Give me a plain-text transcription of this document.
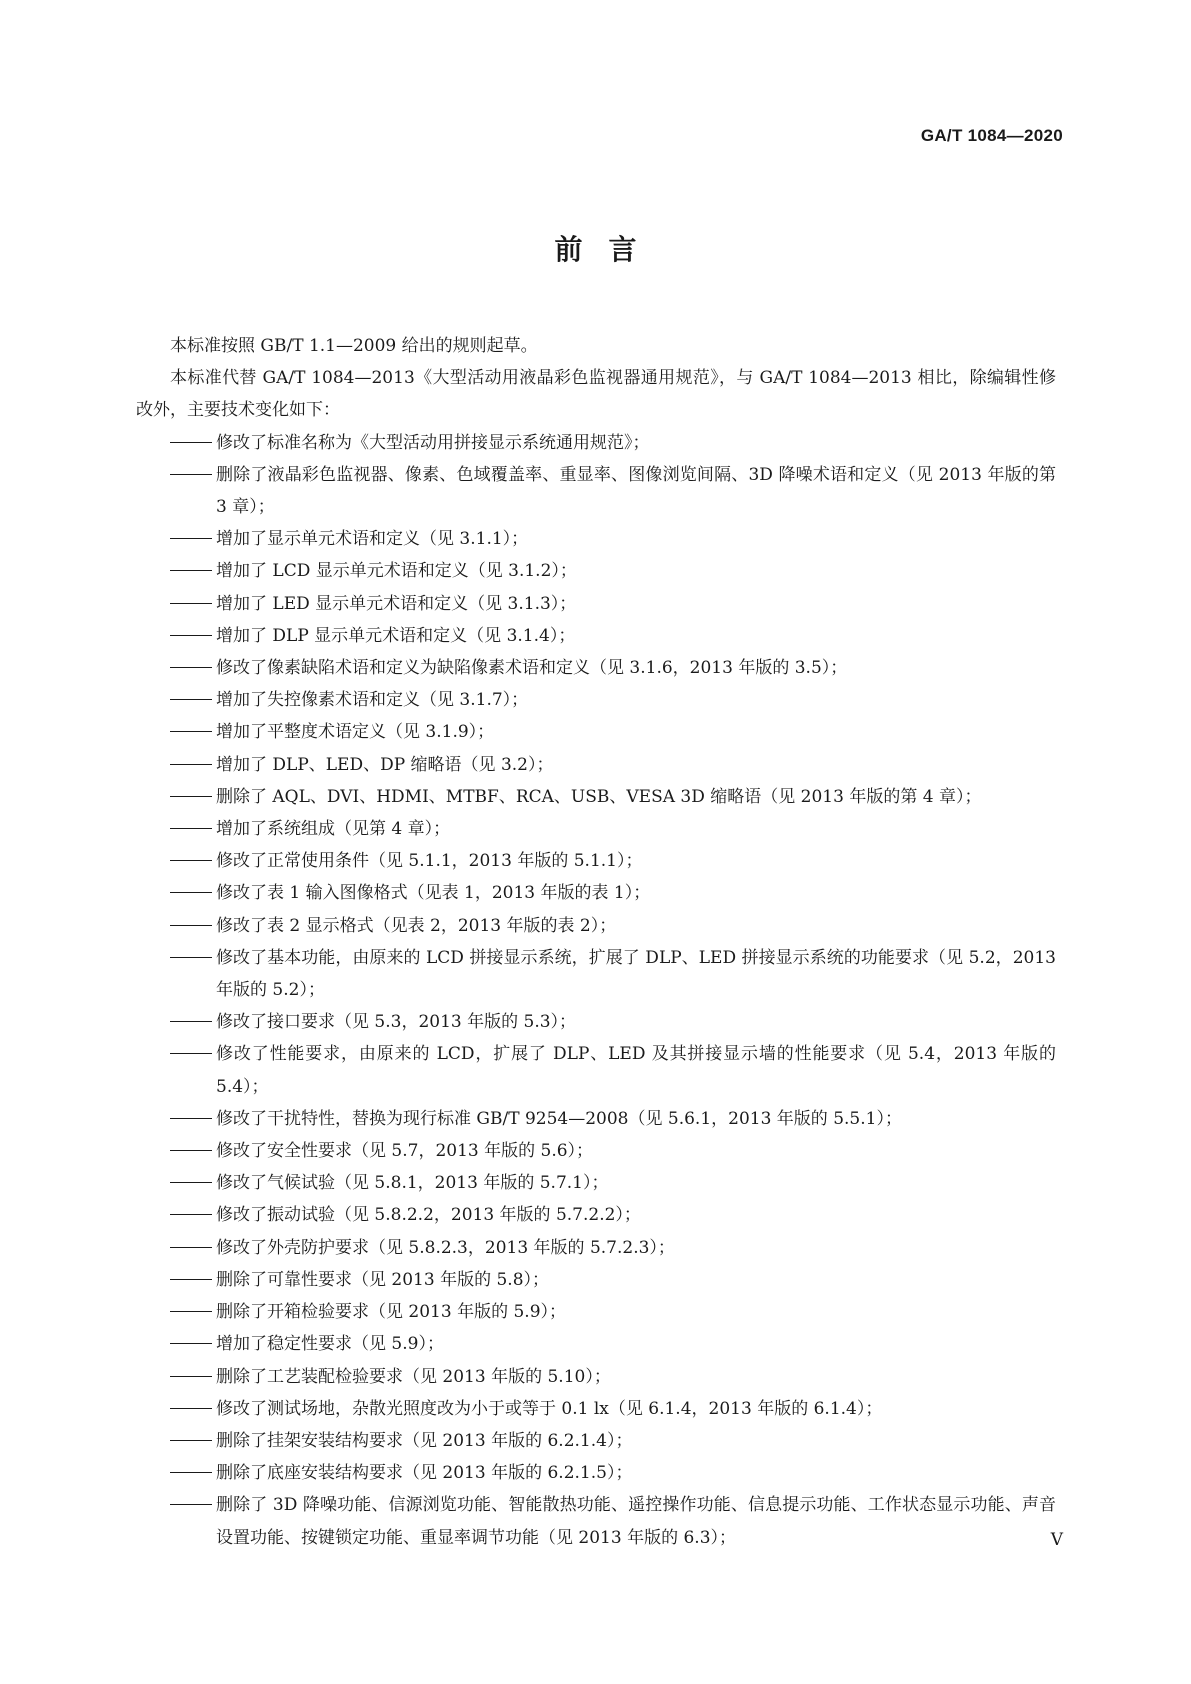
GA/T 1084—2020
前言

本标准按照 GB/T 1.1—2009 给出的规则起草。

本标准代替 GA/T 1084—2013《大型活动用液晶彩色监视器通用规范》，与 GA/T 1084—2013 相比，除编辑性修改外，主要技术变化如下：

修改了标准名称为《大型活动用拼接显示系统通用规范》；
删除了液晶彩色监视器、像素、色域覆盖率、重显率、图像浏览间隔、3D 降噪术语和定义（见 2013 年版的第 3 章）；
增加了显示单元术语和定义（见 3.1.1）；
增加了 LCD 显示单元术语和定义（见 3.1.2）；
增加了 LED 显示单元术语和定义（见 3.1.3）；
增加了 DLP 显示单元术语和定义（见 3.1.4）；
修改了像素缺陷术语和定义为缺陷像素术语和定义（见 3.1.6，2013 年版的 3.5）；
增加了失控像素术语和定义（见 3.1.7）；
增加了平整度术语定义（见 3.1.9）；
增加了 DLP、LED、DP 缩略语（见 3.2）；
删除了 AQL、DVI、HDMI、MTBF、RCA、USB、VESA 3D 缩略语（见 2013 年版的第 4 章）；
增加了系统组成（见第 4 章）；
修改了正常使用条件（见 5.1.1，2013 年版的 5.1.1）；
修改了表 1 输入图像格式（见表 1，2013 年版的表 1）；
修改了表 2 显示格式（见表 2，2013 年版的表 2）；
修改了基本功能，由原来的 LCD 拼接显示系统，扩展了 DLP、LED 拼接显示系统的功能要求（见 5.2，2013 年版的 5.2）；
修改了接口要求（见 5.3，2013 年版的 5.3）；
修改了性能要求，由原来的 LCD，扩展了 DLP、LED 及其拼接显示墙的性能要求（见 5.4，2013 年版的 5.4）；
修改了干扰特性，替换为现行标准 GB/T 9254—2008（见 5.6.1，2013 年版的 5.5.1）；
修改了安全性要求（见 5.7，2013 年版的 5.6）；
修改了气候试验（见 5.8.1，2013 年版的 5.7.1）；
修改了振动试验（见 5.8.2.2，2013 年版的 5.7.2.2）；
修改了外壳防护要求（见 5.8.2.3，2013 年版的 5.7.2.3）；
删除了可靠性要求（见 2013 年版的 5.8）；
删除了开箱检验要求（见 2013 年版的 5.9）；
增加了稳定性要求（见 5.9）；
删除了工艺装配检验要求（见 2013 年版的 5.10）；
修改了测试场地，杂散光照度改为小于或等于 0.1 lx（见 6.1.4，2013 年版的 6.1.4）；
删除了挂架安装结构要求（见 2013 年版的 6.2.1.4）；
删除了底座安装结构要求（见 2013 年版的 6.2.1.5）；
删除了 3D 降噪功能、信源浏览功能、智能散热功能、遥控操作功能、信息提示功能、工作状态显示功能、声音设置功能、按键锁定功能、重显率调节功能（见 2013 年版的 6.3）；	V
